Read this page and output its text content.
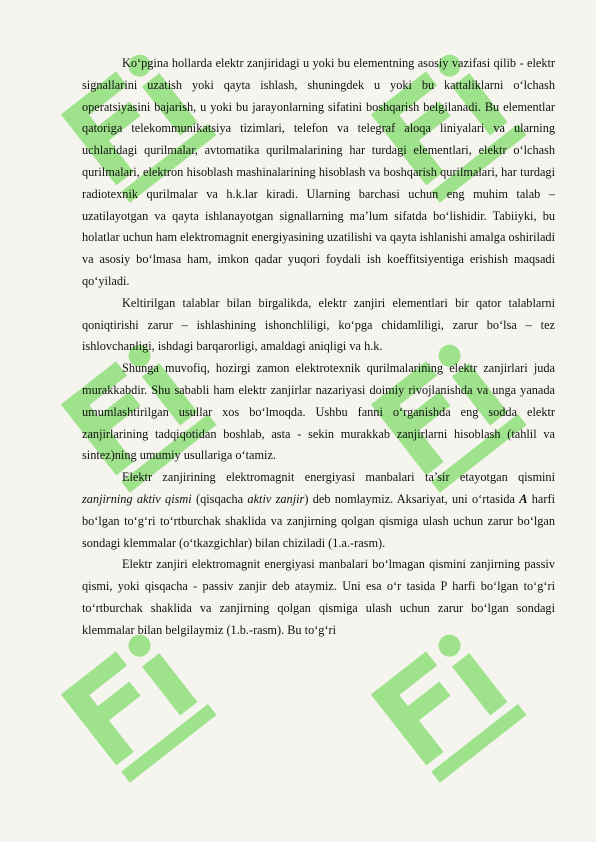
Ko‘pgina hollarda elektr zanjiridagi u yoki bu elementning asosiy vazifasi qilib - elektr signallarini uzatish yoki qayta ishlash, shuningdek u yoki bu kattaliklarni o‘lchash operatsiyasini bajarish, u yoki bu jarayonlarning sifatini boshqarish belgilanadi. Bu elementlar qatoriga telekommunikatsiya tizimlari, telefon va telegraf aloqa liniyalari va ularning uchlaridagi qurilmalar, avtomatika qurilmalarining har turdagi elementlari, elektr o‘lchash qurilmalari, elektron hisoblash mashinalarining hisoblash va boshqarish qurilmalari, har turdagi radiotexnik qurilmalar va h.k.lar kiradi. Ularning barchasi uchun eng muhim talab – uzatilayotgan va qayta ishlanayotgan signallarning ma’lum sifatda bo‘lishidir. Tabiiyki, bu holatlar uchun ham elektromagnit energiyasining uzatilishi va qayta ishlanishi amalga oshiriladi va asosiy bo‘lmasa ham, imkon qadar yuqori foydali ish koeffitsiyentiga erishish maqsadi qo‘yiladi.

Keltirilgan talablar bilan birgalikda, elektr zanjiri elementlari bir qator talablarni qoniqtirishi zarur – ishlashining ishonchliligi, ko‘pga chidamliligi, zarur bo‘lsa – tez ishlovchanligi, ishdagi barqarorligi, amaldagi aniqligi va h.k.

Shunga muvofiq, hozirgi zamon elektrotexnik qurilmalarining elektr zanjirlari juda murakkabdir. Shu sababli ham elektr zanjirlar nazariyasi doimiy rivojlanishda va unga yanada umumlashtirilgan usullar xos bo‘lmoqda. Ushbu fanni o‘rganishda eng sodda elektr zanjirlarining tadqiqotidan boshlab, asta - sekin murakkab zanjirlarni hisoblash (tahlil va sintez)ning umumiy usullariga o‘tamiz.

Elektr zanjirining elektromagnit energiyasi manbalari ta’sir etayotgan qismini zanjirning aktiv qismi (qisqacha aktiv zanjir) deb nomlaymiz. Aksariyat, uni o‘rtasida A harfi bo‘lgan to‘g‘ri to‘rtburchak shaklida va zanjirning qolgan qismiga ulash uchun zarur bo‘lgan sondagi klemmalar (o‘tkazgichlar) bilan chiziladi (1.a.-rasm).

Elektr zanjiri elektromagnit energiyasi manbalari bo‘lmagan qismini zanjirning passiv qismi, yoki qisqacha - passiv zanjir deb ataymiz. Uni esa o‘r tasida P harfi bo‘lgan to‘g‘ri to‘rtburchak shaklida va zanjirning qolgan qismiga ulash uchun zarur bo‘lgan sondagi klemmalar bilan belgilaymiz (1.b.-rasm). Bu to‘g‘ri
